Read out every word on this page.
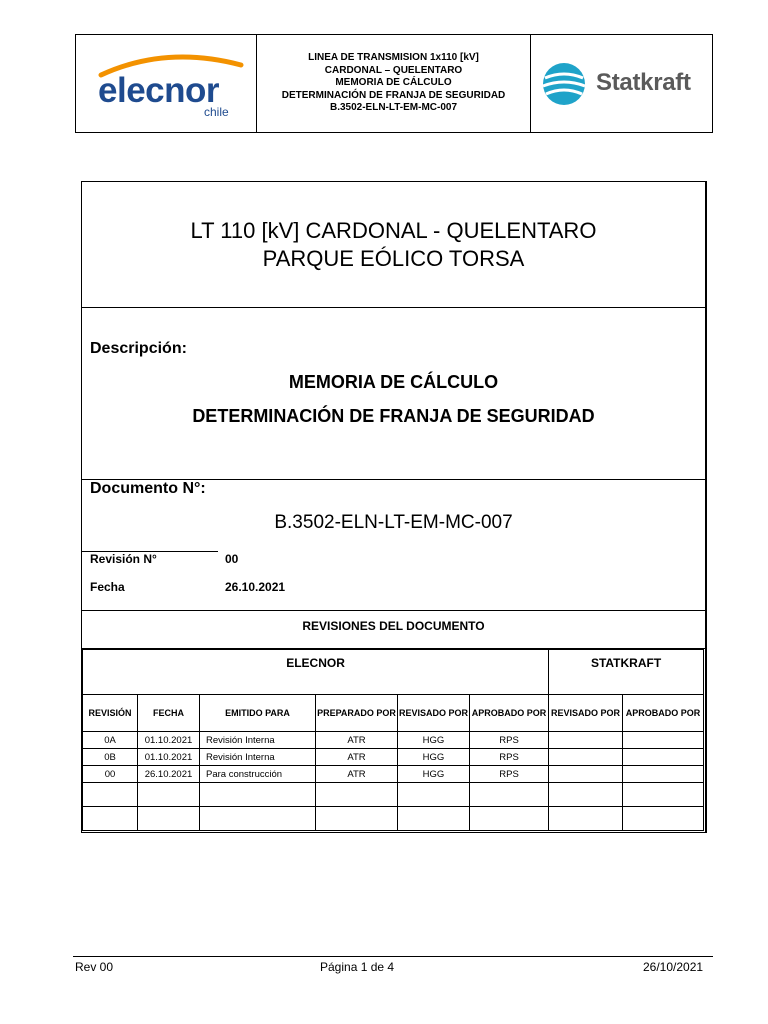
elecnor
chile
LINEA DE TRANSMISION 1x110 [kV]
CARDONAL – QUELENTARO
MEMORIA DE CÁLCULO
DETERMINACIÓN DE FRANJA DE SEGURIDAD
B.3502-ELN-LT-EM-MC-007
Statkraft
LT 110 [kV] CARDONAL - QUELENTARO
PARQUE EÓLICO TORSA
Descripción:
MEMORIA DE CÁLCULO
DETERMINACIÓN DE FRANJA DE SEGURIDAD
Documento N°:
B.3502-ELN-LT-EM-MC-007
Revisión N°	00
Fecha	26.10.2021
REVISIONES DEL DOCUMENTO
ELECNOR						STATKRAFT	
REVISIÓN	FECHA	EMITIDO PARA	PREPARADO POR	REVISADO POR	APROBADO POR	REVISADO POR	APROBADO POR
0A	01.10.2021	Revisión Interna	ATR	HGG	RPS		
0B	01.10.2021	Revisión Interna	ATR	HGG	RPS		
00	26.10.2021	Para construcción	ATR	HGG	RPS		

Rev 00	Página 1 de 4	26/10/2021
